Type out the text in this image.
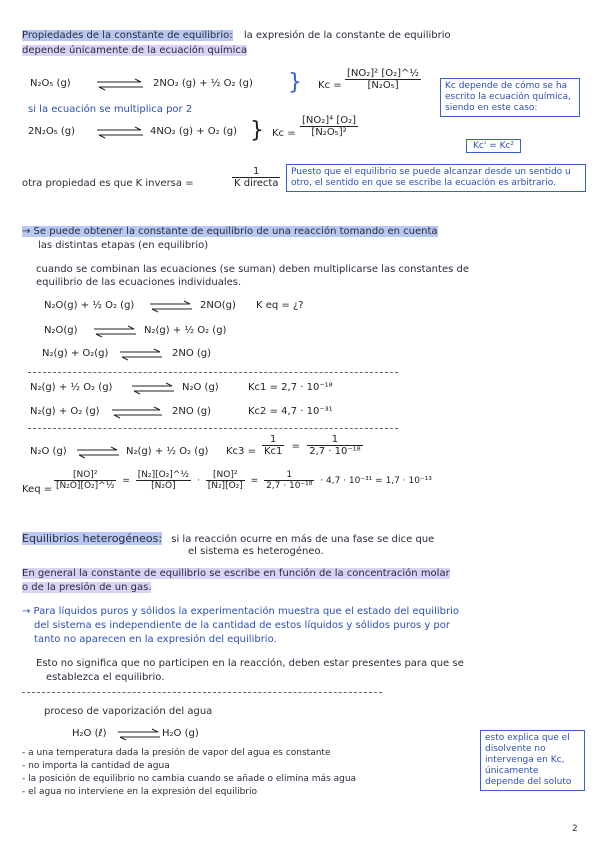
Propiedades de la constante de equilibrio: la expresión de la constante de equilibrio
depende únicamente de la ecuación química
N₂O₅ (g) ⇌ 2NO₂ (g) + ½ O₂ (g) } $Kc = \frac{\text{[NO₂]² [O₂]\textasciicircum{}½}}{\text{[N₂O₅]}}$	Kc depende de cómo se ha escrito la ecuación química, siendo en este caso:
Kc' = Kc²
si la ecuación se multiplica por 2
2N₂O₅ (g) ⇌ 4NO₂ (g) + O₂ (g) } $Kc = \frac{\text{[NO₂]⁴ [O₂]}}{\text{[N₂O₅]²}}$
otra propiedad es que K inversa =	$\frac{1}{\text{K directa}}$	Puesto que el equilibrio se puede alcanzar desde un sentido u otro, el sentido en que se escribe la ecuación es arbitrario.
→ Se puede obtener la constante de equilibrio de una reacción tomando en cuenta
las distintas etapas (en equilibrio)
cuando se combinan las ecuaciones (se suman) deben multiplicarse las constantes de
equilibrio de las ecuaciones individuales.
N₂O(g) + ½ O₂ (g) ⇌ 2NO(g) K eq = ¿?
N₂O(g) ⇌ N₂(g) + ½ O₂ (g)
N₂(g) + O₂(g) ⇌ 2NO (g)
N₂(g) + ½ O₂ (g) ⇌ N₂O (g)	Kc1 = 2,7 · 10⁻¹⁸
N₂(g) + O₂ (g) ⇌ 2NO (g)	Kc2 = 4,7 · 10⁻³¹
N₂O (g) ⇌ N₂(g) + ½ O₂ (g) $Kc3 = \frac{1}{Kc1} = \frac{1}{\text{2,7 · 10⁻¹⁸}}$
Keq = $\frac{\text{[NO]²}}{\text{[N₂O][O₂]\textasciicircum{}½}} = \frac{\text{[N₂][O₂]\textasciicircum{}½}}{\text{[N₂O]}} \cdot \frac{\text{[NO]²}}{\text{[N₂][O₂]}} = \frac{1}{\text{2,7 · 10⁻¹⁸}} \cdot 4,7 \cdot 10^{-31} = 1,7 \cdot 10^{-13}$
Equilibrios heterogéneos: si la reacción ocurre en más de una fase se dice que
el sistema es heterogéneo.
En general la constante de equilibrio se escribe en función de la concentración molar
o de la presión de un gas.
→ Para líquidos puros y sólidos la experimentación muestra que el estado del equilibrio
del sistema es independiente de la cantidad de estos líquidos y sólidos puros y por
tanto no aparecen en la expresión del equilibrio.
Esto no significa que no participen en la reacción, deben estar presentes para que se
establezca el equilibrio.
proceso de vaporización del agua
H₂O (ℓ) ⇌ H₂O (g)
- a una temperatura dada la presión de vapor del agua es constante
- no importa la cantidad de agua
- la posición de equilibrio no cambia cuando se añade o elimina más agua
- el agua no interviene en la expresión del equilibrio
esto explica que el disolvente no intervenga en Kc, únicamente depende del soluto
2
